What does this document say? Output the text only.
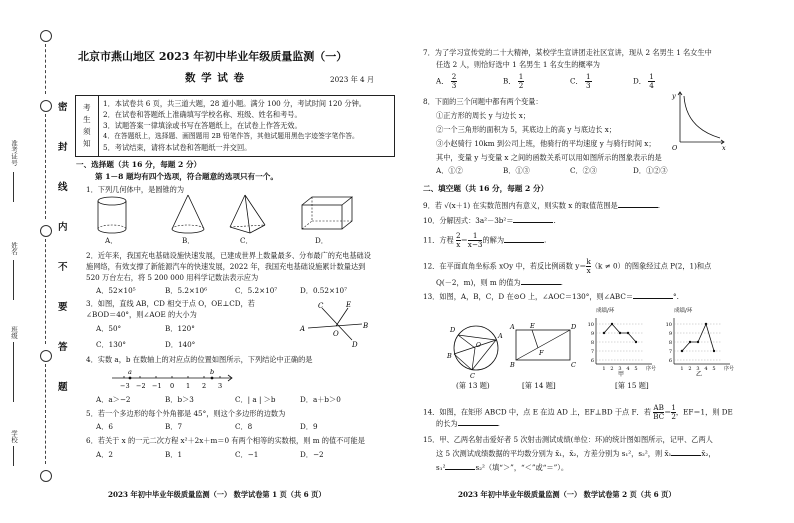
准考证号
姓名
班级
学校
密
封
线
内
不
要
答
题
北京市燕山地区 2023 年初中毕业年级质量监测（一）
数 学 试 卷	2023 年 4 月
考生须知
1．本试卷共 6 页，共三道大题，28 道小题。满分 100 分，考试时间 120 分钟。
2．在试卷和答题纸上准确填写学校名称、班级、姓名和考号。
3．试题答案一律填涂或书写在答题纸上，在试卷上作答无效。
4．在答题纸上，选择题、画图题用 2B 铅笔作答，其他试题用黑色字迹签字笔作答。
5．考试结束，请将本试卷和答题纸一并交回。
一、选择题（共 16 分，每题 2 分）
第 1－8 题均有四个选项，符合题意的选项只有一个。
1．下列几何体中，是圆锥的为
A．	B．	C．	D．
2．近年来，我国充电基础设施快速发展，已建成世界上数量最多、分布最广的充电基础设
施网络，有效支撑了新能源汽车的快速发展，2022 年，我国充电基础设施累计数量达到
520 万台左右，将 5 200 000 用科学记数法表示应为
A．52×10⁵	B．5.2×10⁶	C．5.2×10⁷	D．0.52×10⁷
3．如图，直线 AB，CD 相交于点 O，OE⊥CD，若
∠BOD＝40°，则∠AOE 的大小为
A．50°	B．120°
C．130°	D．140°
C	E
A
O
B
D
4．实数 a，b 在数轴上的对应点的位置如图所示，下列结论中正确的是
a	b
−3 −2 −1 0 1 2 3
A．a＞−2	B．b＞3	C．| a | ＞b	D．a＋b＞0
5．若一个多边形的每个外角都是 45°，则这个多边形的边数为
A．6	B．7	C．8	D．9
6．若关于 x 的一元二次方程 x²＋2x＋m＝0 有两个相等的实数根，则 m 的值不可能是
A．2	B．1	C．−1	D．−2
2023 年初中毕业年级质量监测（一） 数学试卷第 1 页（共 6 页）
7．为了学习宣传党的二十大精神，某校学生宣讲团走社区宣讲，现从 2 名男生 1 名女生中
任选 2 人，则恰好选中 1 名男生 1 名女生的概率为
A． $\frac{2}{3}$	B． $\frac{1}{2}$	C． $\frac{1}{3}$	D． $\frac{1}{4}$
8．下面的三个问题中都有两个变量：
①正方形的周长 y 与边长 x；
②一个三角形的面积为 5，其底边上的高 y 与底边长 x；
③小赵骑行 10km 到公司上班，他骑行的平均速度 y 与骑行时间 x；
其中，变量 y 与变量 x 之间的函数关系可以用如图所示的图象表示的是
A．①②	B．①③	C．②③	D．①②③
y
O	x
二、填空题（共 16 分，每题 2 分）
9．若 √(x＋1) 在实数范围内有意义，则实数 x 的取值范围是	.
10．分解因式：3a²－3b²＝	.
11．方程 $\frac{2}{x} = \frac{1}{x-3}$ 的解为	.
12．在平面直角坐标系 xOy 中，若反比例函数 $y= \frac{k}{x} (k \ne 0)$的图象经过点 P(2，1)和点
Q(－2，m)，则 m 的值为	.
13．如图，A，B，C，D 在⊙O 上，∠AOC＝130°，则∠ABC＝	°.
D
A
O
B
C
(第 13 题)
A E	D
F
B	C
[第 14 题]
成绩/环
10
9
8
7
6
1 2 3 4 5 序号
甲
成绩/环
10
9
8
7
6
1 2 3 4 5 序号
乙
[第 15 题]
14．如图，在矩形 ABCD 中，点 E 在边 AD 上，EF⊥BD 于点 F．若 $\frac{AB}{BC} = \frac{1}{2}$ ，EF＝1，则 DE
的长为	.
15．甲、乙两名射击爱好者 5 次射击测试成绩(单位：环)的统计图如图所示，记甲、乙两人
这 5 次测试成绩数据的平均数分别为 x̄₁，x̄₂，方差分别为 s₁²，s₂²，则 x̄₁	x̄₂，
s₁²	s₂²（填“＞”，“＜”或“＝”）。
2023 年初中毕业年级质量监测（一） 数学试卷第 2 页（共 6 页）
